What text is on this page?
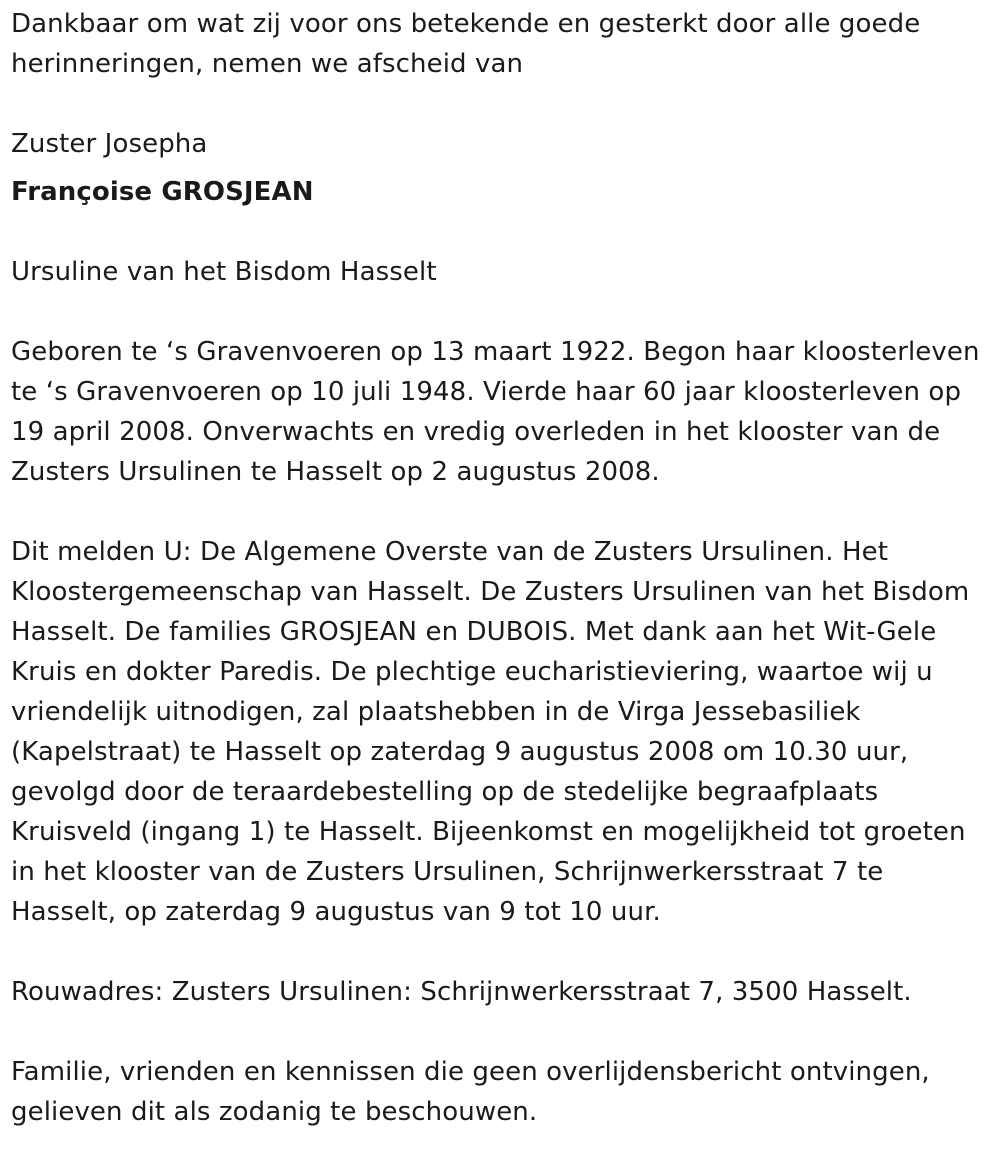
Dankbaar om wat zij voor ons betekende en gesterkt door alle goede
herinneringen, nemen we afscheid van

Zuster Josepha

Françoise GROSJEAN

Ursuline van het Bisdom Hasselt

Geboren te ‘s Gravenvoeren op 13 maart 1922. Begon haar kloosterleven
te ‘s Gravenvoeren op 10 juli 1948. Vierde haar 60 jaar kloosterleven op
19 april 2008. Onverwachts en vredig overleden in het klooster van de
Zusters Ursulinen te Hasselt op 2 augustus 2008.

Dit melden U: De Algemene Overste van de Zusters Ursulinen. Het
Kloostergemeenschap van Hasselt. De Zusters Ursulinen van het Bisdom
Hasselt. De families GROSJEAN en DUBOIS. Met dank aan het Wit-Gele
Kruis en dokter Paredis. De plechtige eucharistieviering, waartoe wij u
vriendelijk uitnodigen, zal plaatshebben in de Virga Jessebasiliek
(Kapelstraat) te Hasselt op zaterdag 9 augustus 2008 om 10.30 uur,
gevolgd door de teraardebestelling op de stedelijke begraafplaats
Kruisveld (ingang 1) te Hasselt. Bijeenkomst en mogelijkheid tot groeten
in het klooster van de Zusters Ursulinen, Schrijnwerkersstraat 7 te
Hasselt, op zaterdag 9 augustus van 9 tot 10 uur.

Rouwadres: Zusters Ursulinen: Schrijnwerkersstraat 7, 3500 Hasselt.

Familie, vrienden en kennissen die geen overlijdensbericht ontvingen,
gelieven dit als zodanig te beschouwen.
